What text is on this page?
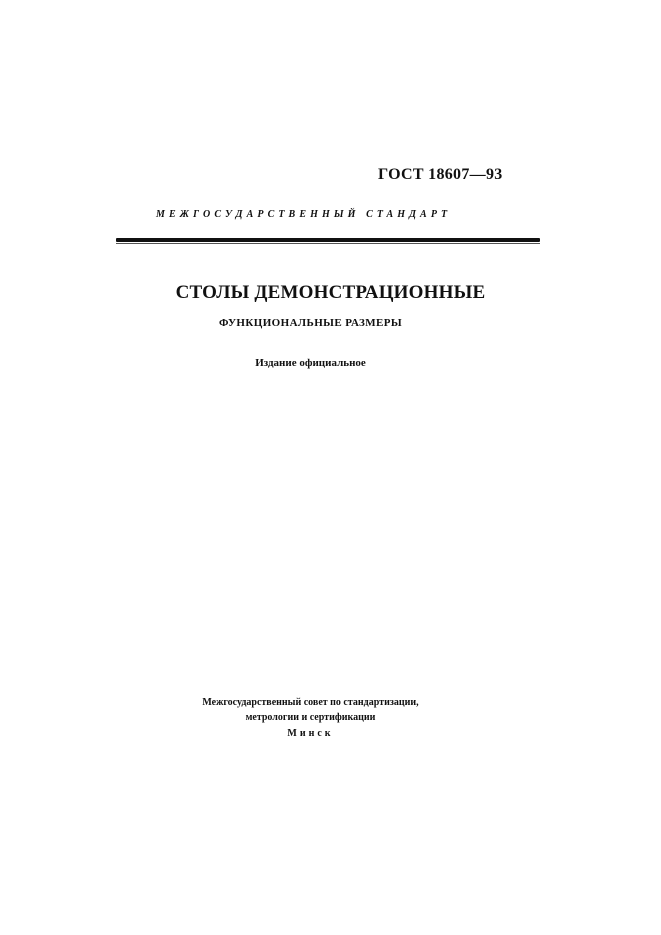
ГОСТ 18607—93
МЕЖГОСУДАРСТВЕННЫЙ СТАНДАРТ
СТОЛЫ ДЕМОНСТРАЦИОННЫЕ
ФУНКЦИОНАЛЬНЫЕ РАЗМЕРЫ
Издание официальное
Межгосударственный совет по стандартизации,
метрологии и сертификации
Минск
